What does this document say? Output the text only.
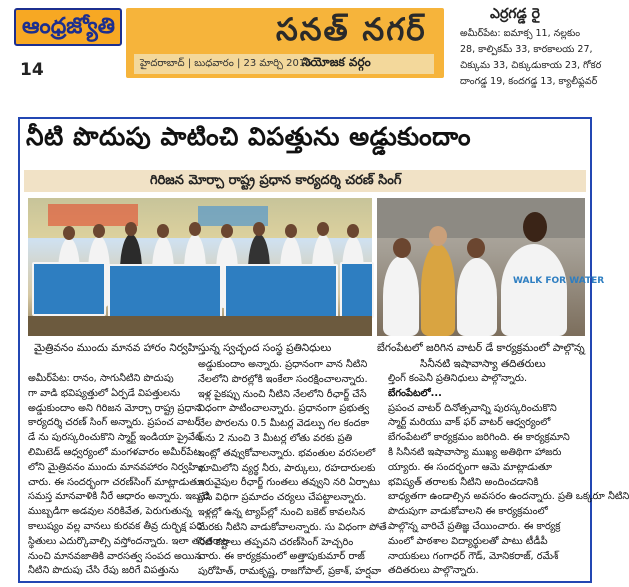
ఆంధ్రజ్యోతి
14
సనత్ నగర్
హైదరాబాద్ | బుధవారం | 23 మార్చి 2016
నియోజక వర్గం
ఎర్రగడ్డ రై
అమీర్‌పేట: ఐమాక్స 11, నల్లకుం
28, కాల్పికమ్ 33, కారకాలయ 27,
చిక్కుమ 33, చిక్కుడుకాయ 23, గోకర
దాంగడ్డ 19, కందగడ్డ 13, క్యాలీఫ్లవర్
నీటి పొదుపు పాటించి విపత్తును అడ్డుకుందాం
గిరిజన మోర్చా రాష్ట్ర ప్రధాన కార్యదర్శి చరణ్ సింగ్
WALK FOR WATER
మైత్రివనం ముందు మానవ హారం నిర్వహిస్తున్న స్వచ్ఛంద సంస్థ ప్రతినిధులు	బేగంపేటలో జరిగిన వాటర్ డే కార్యక్రమంలో పాల్గొన్న
సినీనటి ఇషావాస్యా తదితరులు

అమీర్‌పేట: రానం, సాగునీటిని పొదుపు

గా వాడి భవిష్యత్తులో ఏర్పడే విపత్తులను

అడ్డుకుందాం అని గిరిజన మోర్చా రాష్ట్ర ప్రధాన

కార్యదర్శి చరణ్ సింగ్ అన్నారు. ప్రపంచ వాటర్

డే ను పురస్కరించుకొని స్మార్ట్ ఇండియా ప్రైవేట్

లిమిటెడ్ ఆధ్వర్యంలో మంగళవారం అమీర్‌పేట

లోని మైత్రివనం ముందు మానవహారం నిర్వహిం

చారు. ఈ సందర్భంగా చరణ్‌సింగ్ మాట్లాడుతూ

సమస్త మానవాళికి నీరే ఆధారం అన్నారు. ఇబ్బడి

ముబ్బడిగా అడవుల నరికివేత, పెరుగుతున్న

కాలుష్యం వల్ల వానలు కురవక తీవ్ర దుర్భిక్ష పరి

స్థితులు ఎదుర్కొవాల్సి వస్తోందన్నారు. ఇలా తరతరాల

నుంచి మానవజాతికి వారసత్వ సంపద అయిన

నీటిని పొదుపు చేసి రేపు జరిగే విపత్తును

అడ్డుకుందాం అన్నారు. ప్రధానంగా వాన నీటిని

నేలలోని పొరల్లోకి ఇంకేలా సంరక్షించాలన్నారు.

ఇళ్ల పైకప్పు నుంచి నీటిని నేలలోని రీఛార్జ్ చేసే

విధంగా పాటించాలన్నారు. ప్రధానంగా ప్రభుత్వ

నేల పొరలను 0.5 మీటర్ల వెడల్పు గల కందకా

లను 2 నుంచి 3 మీటర్ల లోతు వరకు ప్రతి

ఇంట్లో తవ్వుకోవాలన్నారు. భవంతుల వరసలలో

భూమిలోని వ్యర్థ నీరు, పార్కులు, రహదారులకు

ఇరువైపుల రీఛార్జ్ గుంతలు తవ్వుని నరి ఏర్పాటు

చేసి విధిగా ప్రమాదం చర్యలు చేపట్టాలన్నారు.

ఇళ్లల్లో ఉన్న ట్యాప్‌ల్లో నుంచి బకెట్ కావలసిన

మేరకు నీటిని వాడుకోవాలన్నారు. సు విధంగా పోతే

నీటి కష్టాలు తప్పవని చరణ్‌సింగ్ హెచ్చరిం

చారు. ఈ కార్యక్రమంలో అత్తాపుకుమార్ రాజ్

పురోహిత్, రామకృష్ణ, రాజగోపాల్, ప్రకాశ్, హర్షవా

ల్తింగ్ కంపెనీ ప్రతినిధులు పాల్గొన్నారు.

బేగంపేటలో...

ప్రపంచ వాటర్ దినోత్సవాన్ని పురస్కరించుకొని

స్మార్ట్ మరియు వాక్ ఫర్ వాటర్ ఆధ్వర్యంలో

బేగంపేటలో కార్యక్రమం జరిగింది. ఈ కార్యక్రమాని

కి సినీనటి ఇషావాస్యా ముఖ్య అతిథిగా హాజరు

య్యారు. ఈ సందర్భంగా ఆమె మాట్లాడుతూ

భవిష్యత్ తరాలకు నీటిని అందించడానికి

బాధ్యతగా ఉండాల్సిన అవసరం ఉందన్నారు. ప్రతి ఒక్కరూ నీటిని

పొదుపుగా వాడుకోవాలని ఈ కార్యక్రమంలో

పాల్గొన్న వారిచే ప్రతిజ్ఞ చేయించారు. ఈ కార్యక్ర

మంలో పాఠశాల విద్యార్థులతో పాటు టీడీపీ

నాయకులు గంగాధర్ గౌడ్, మోనికరాజ్, రమేశ్

తదితరులు పాల్గొన్నారు.
